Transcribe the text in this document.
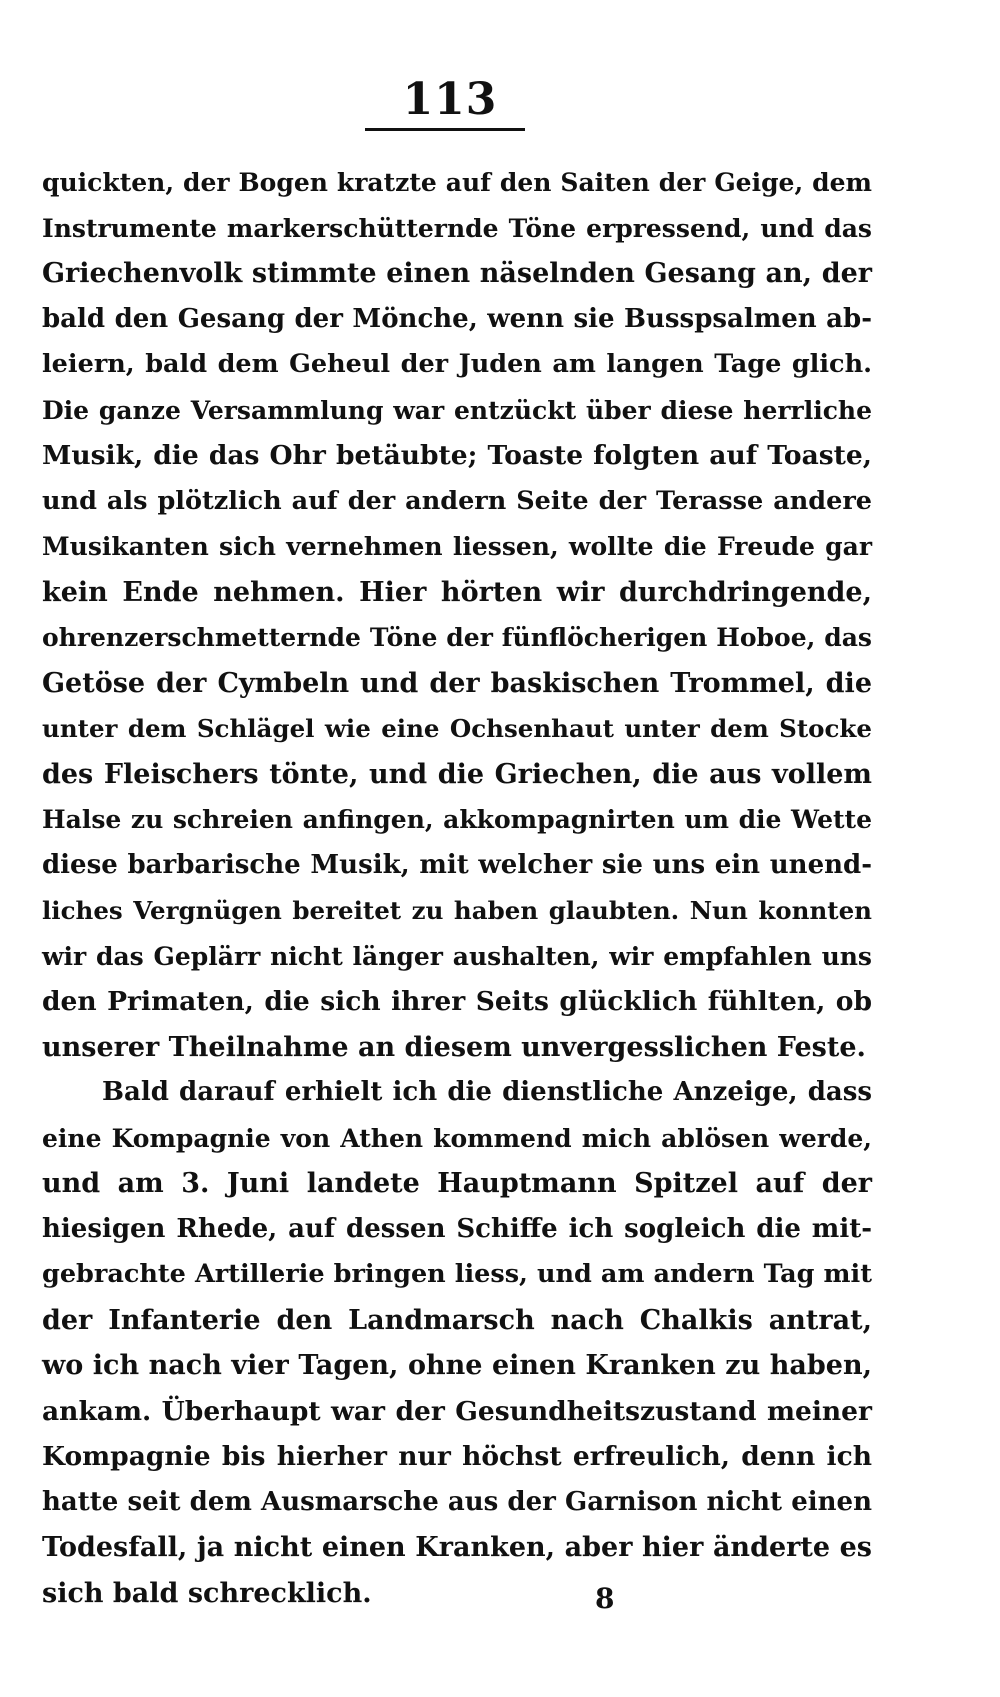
113

quickten, der Bogen kratzte auf den Saiten der Geige, dem
Instrumente markerschütternde Töne erpressend, und das
Griechenvolk stimmte einen näselnden Gesang an, der
bald den Gesang der Mönche, wenn sie Busspsalmen ab-
leiern, bald dem Geheul der Juden am langen Tage glich.
Die ganze Versammlung war entzückt über diese herrliche
Musik, die das Ohr betäubte; Toaste folgten auf Toaste,
und als plötzlich auf der andern Seite der Terasse andere
Musikanten sich vernehmen liessen, wollte die Freude gar
kein Ende nehmen. Hier hörten wir durchdringende,
ohrenzerschmetternde Töne der fünflöcherigen Hoboe, das
Getöse der Cymbeln und der baskischen Trommel, die
unter dem Schlägel wie eine Ochsenhaut unter dem Stocke
des Fleischers tönte, und die Griechen, die aus vollem
Halse zu schreien anfingen, akkompagnirten um die Wette
diese barbarische Musik, mit welcher sie uns ein unend-
liches Vergnügen bereitet zu haben glaubten. Nun konnten
wir das Geplärr nicht länger aushalten, wir empfahlen uns
den Primaten, die sich ihrer Seits glücklich fühlten, ob
unserer Theilnahme an diesem unvergesslichen Feste.

Bald darauf erhielt ich die dienstliche Anzeige, dass
eine Kompagnie von Athen kommend mich ablösen werde,
und am 3. Juni landete Hauptmann Spitzel auf der
hiesigen Rhede, auf dessen Schiffe ich sogleich die mit-
gebrachte Artillerie bringen liess, und am andern Tag mit
der Infanterie den Landmarsch nach Chalkis antrat,
wo ich nach vier Tagen, ohne einen Kranken zu haben,
ankam. Überhaupt war der Gesundheitszustand meiner
Kompagnie bis hierher nur höchst erfreulich, denn ich
hatte seit dem Ausmarsche aus der Garnison nicht einen
Todesfall, ja nicht einen Kranken, aber hier änderte es
sich bald schrecklich.	8
